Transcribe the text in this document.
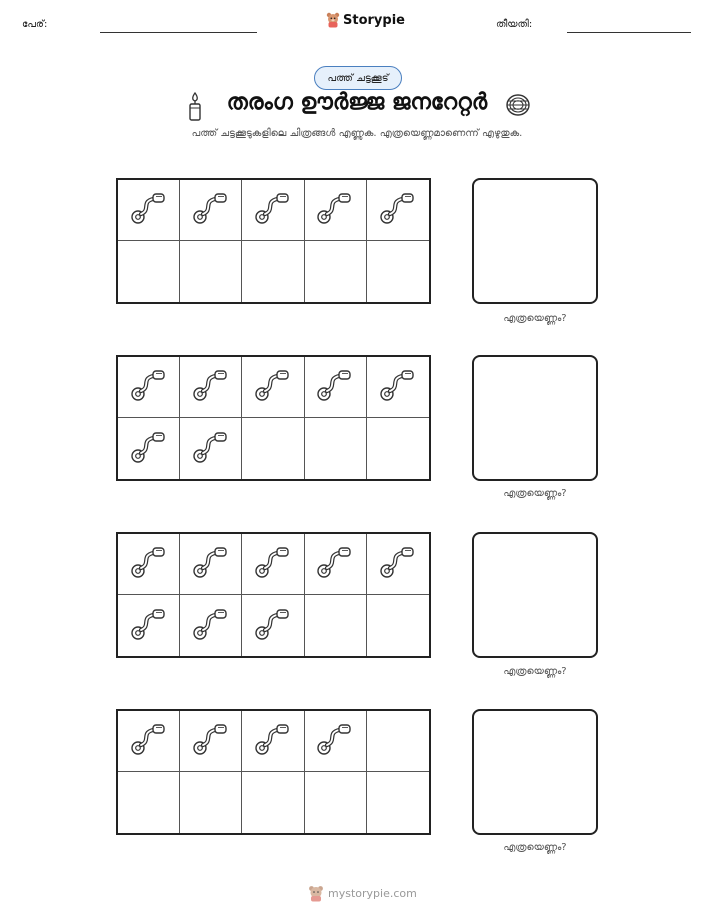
പേര്:	Storypie	തീയതി:
പത്ത് ചട്ടക്കൂട്
തരംഗ ഊർജ്ജ ജനറേറ്റർ
പത്ത് ചട്ടക്കൂടുകളിലെ ചിത്രങ്ങൾ എണ്ണുക. എത്രയെണ്ണമാണെന്ന് എഴുതുക.
എത്രയെണ്ണം?
എത്രയെണ്ണം?
എത്രയെണ്ണം?
എത്രയെണ്ണം?
mystorypie.com
